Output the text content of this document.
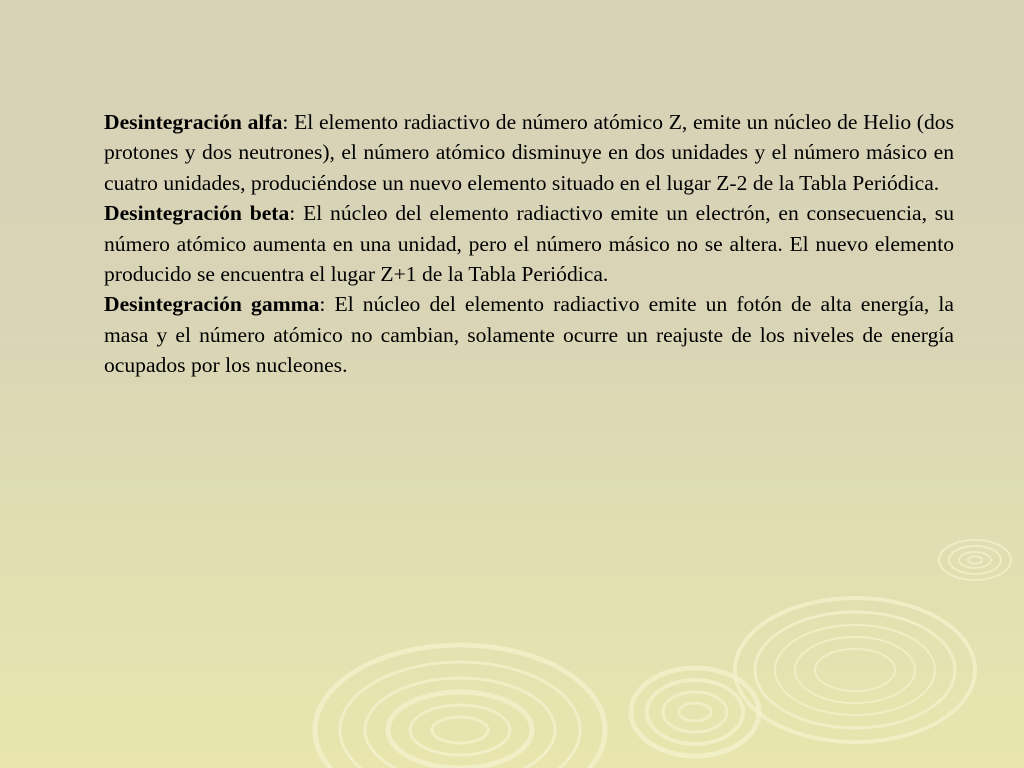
Desintegración alfa: El elemento radiactivo de número atómico Z, emite un núcleo de Helio (dos protones y dos neutrones), el número atómico disminuye en dos unidades y el número másico en cuatro unidades, produciéndose un nuevo elemento situado en el lugar Z-2 de la Tabla Periódica.

Desintegración beta: El núcleo del elemento radiactivo emite un electrón, en consecuencia, su número atómico aumenta en una unidad, pero el número másico no se altera. El nuevo elemento producido se encuentra el lugar Z+1 de la Tabla Periódica.

Desintegración gamma: El núcleo del elemento radiactivo emite un fotón de alta energía, la masa y el número atómico no cambian, solamente ocurre un reajuste de los niveles de energía ocupados por los nucleones.
